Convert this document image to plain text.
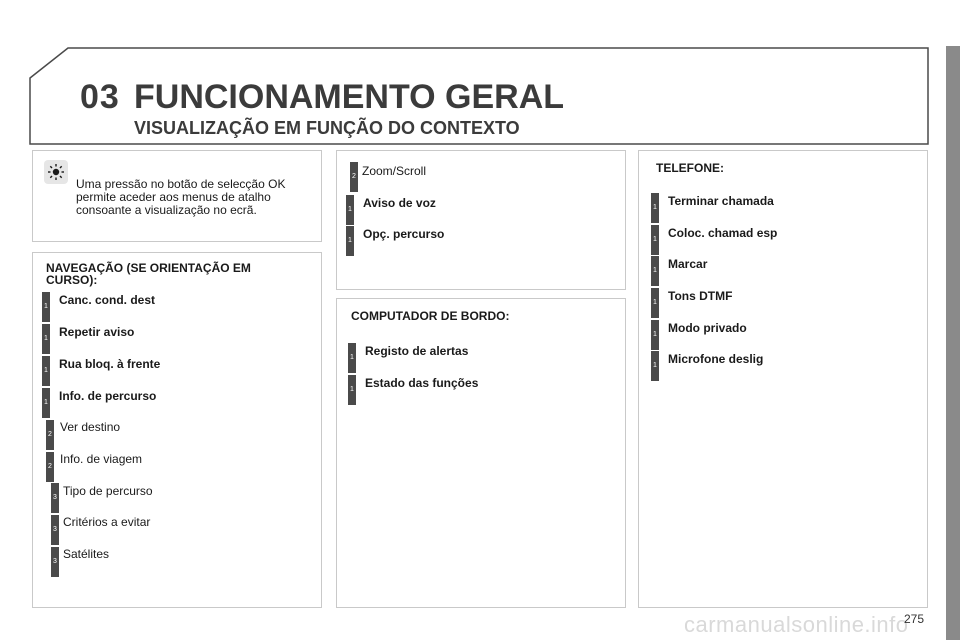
03 FUNCIONAMENTO GERAL
VISUALIZAÇÃO EM FUNÇÃO DO CONTEXTO
Uma pressão no botão de selecção OK
permite aceder aos menus de atalho
consoante a visualização no ecrã.
NAVEGAÇÃO (SE ORIENTAÇÃO EM
CURSO):
1 Canc. cond. dest
1 Repetir aviso
1 Rua bloq. à frente
1 Info. de percurso
2
Ver destino
2
Info. de viagem
3 Tipo de percurso
3
Critérios a evitar
3
Satélites
2 Zoom/Scroll
1 Aviso de voz
1 Opç. percurso
COMPUTADOR DE BORDO:
1 Registo de alertas
1 Estado das funções
TELEFONE:
1 Terminar chamada
1 Coloc. chamad esp
1 Marcar
1 Tons DTMF
1 Modo privado
1 Microfone deslig
carmanualsonline.info
275
